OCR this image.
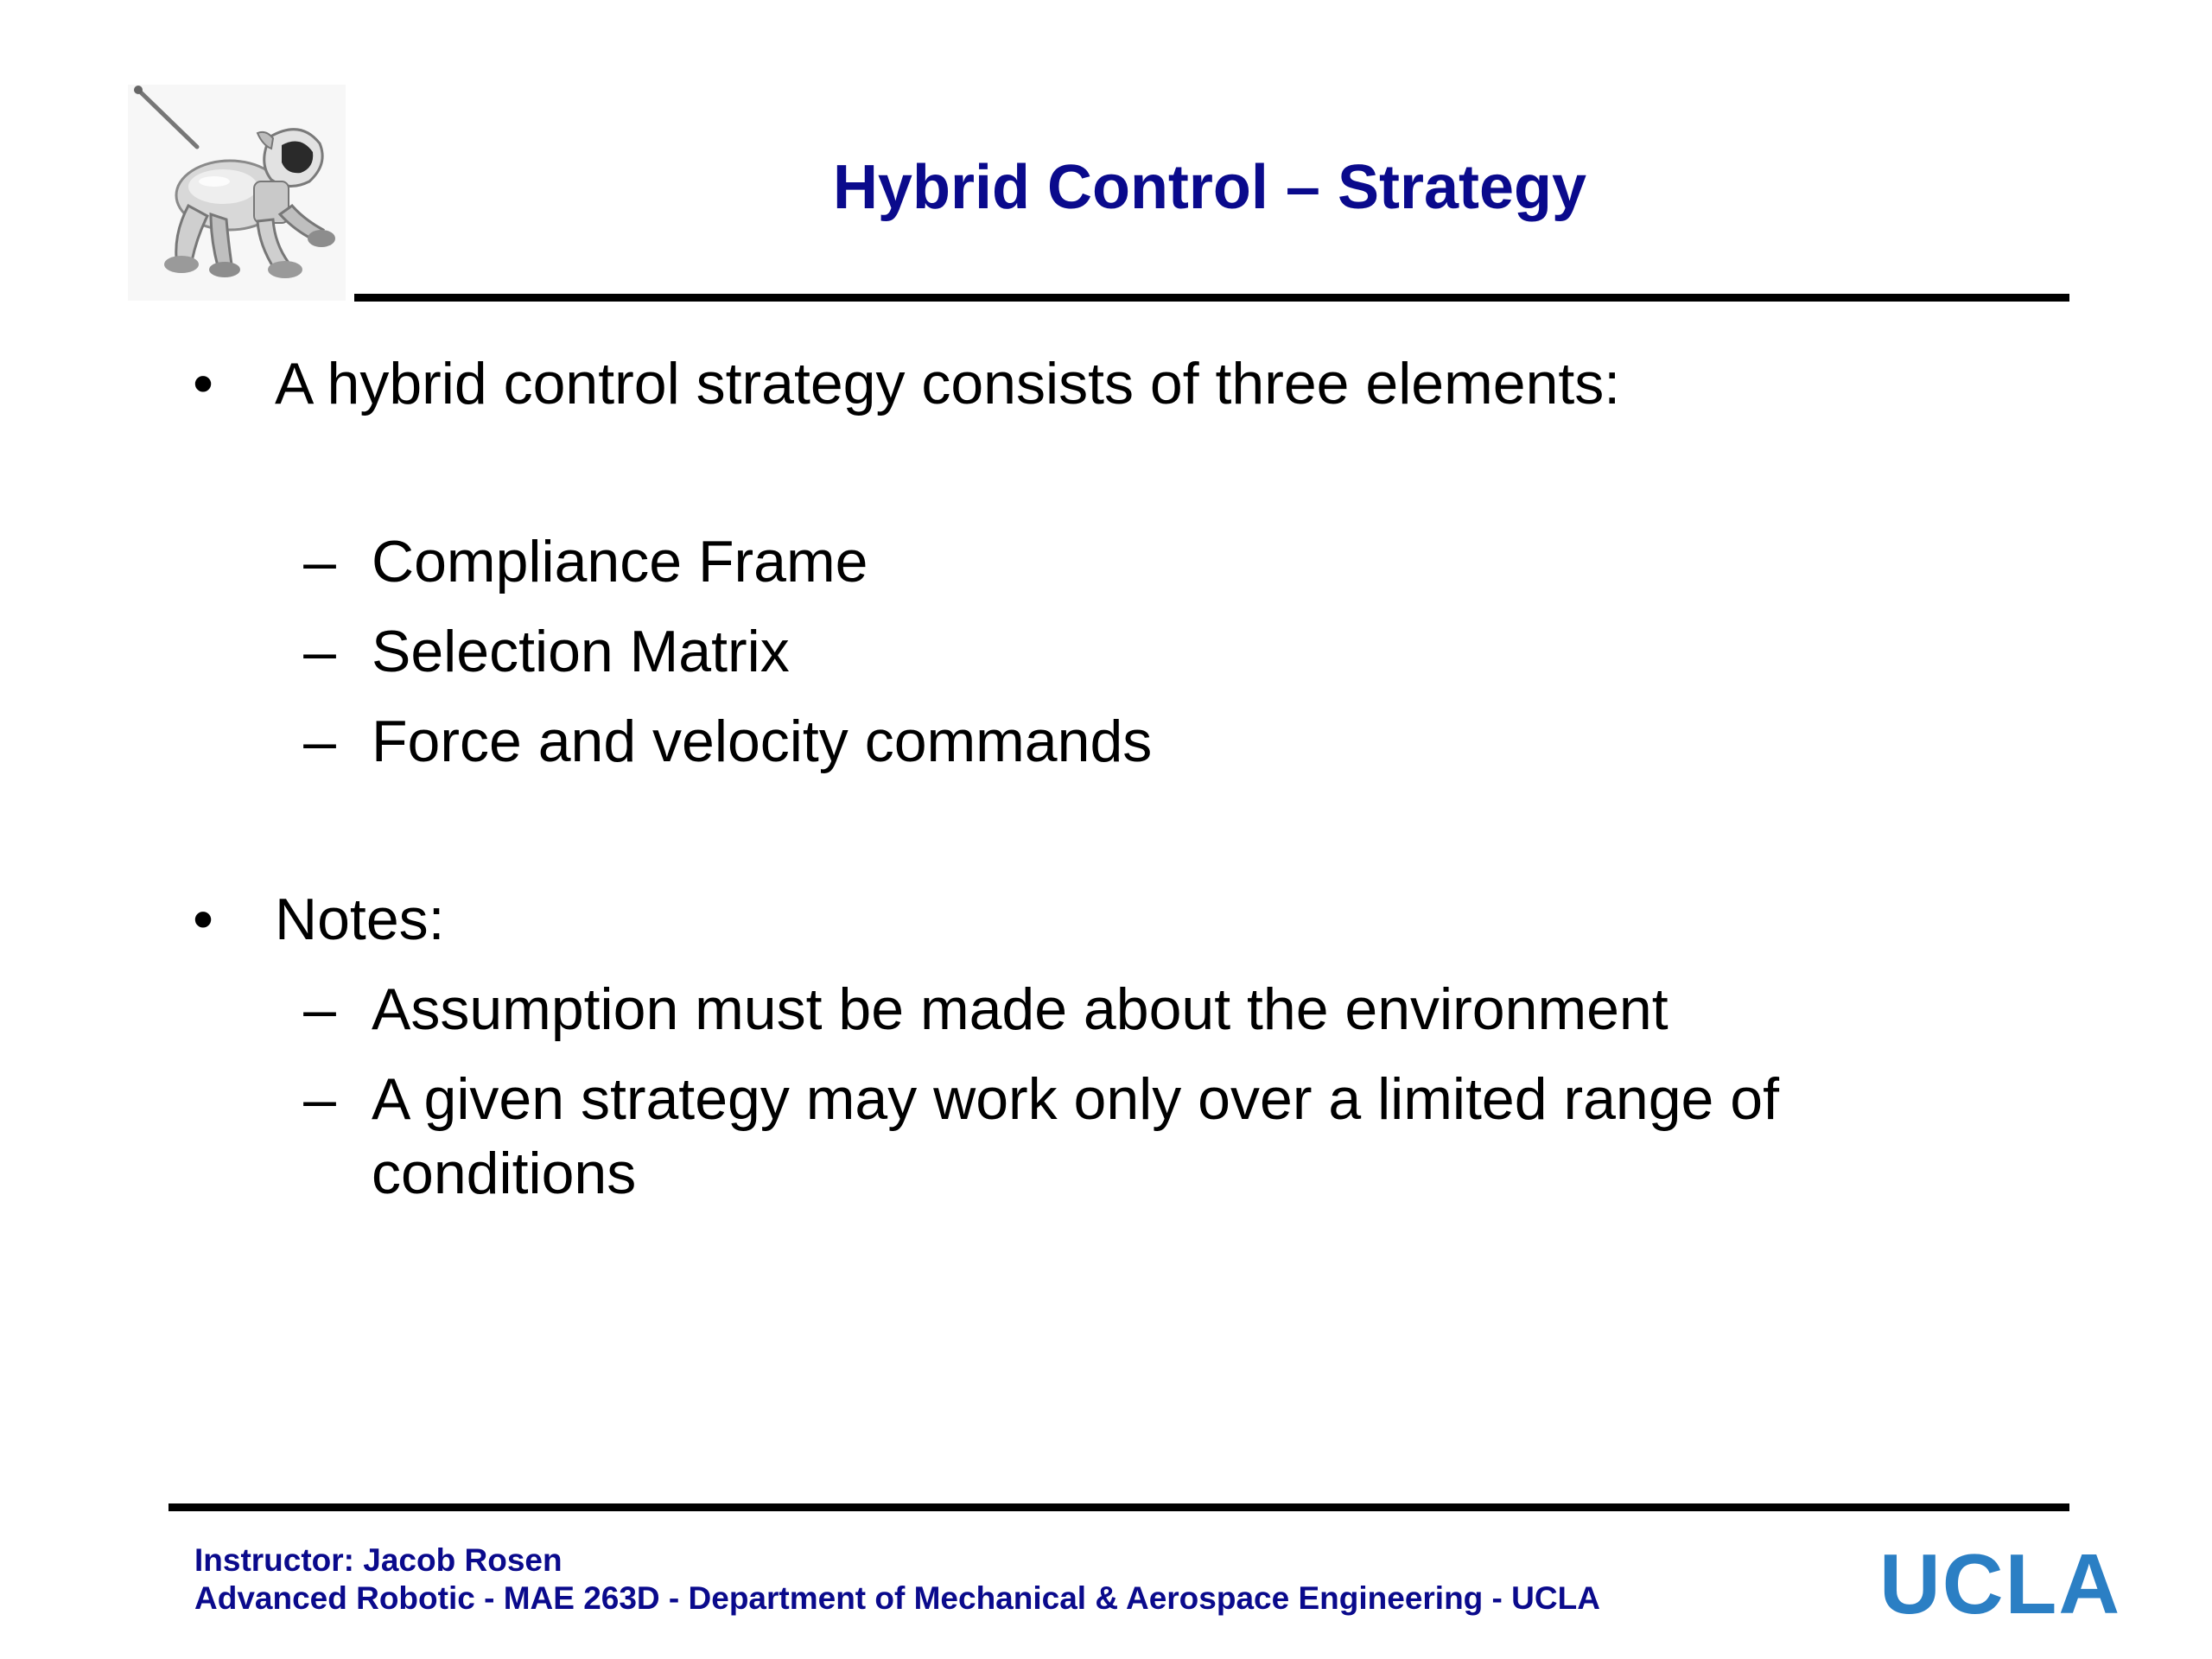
Hybrid Control – Strategy
• A hybrid control strategy consists of three elements:
– Compliance Frame
– Selection Matrix
– Force and velocity commands
• Notes:
– Assumption must be made about the environment
– A given strategy may work only over a limited range of
conditions
Instructor: Jacob Rosen
Advanced Robotic - MAE 263D - Department of Mechanical & Aerospace Engineering - UCLA	UCLA
